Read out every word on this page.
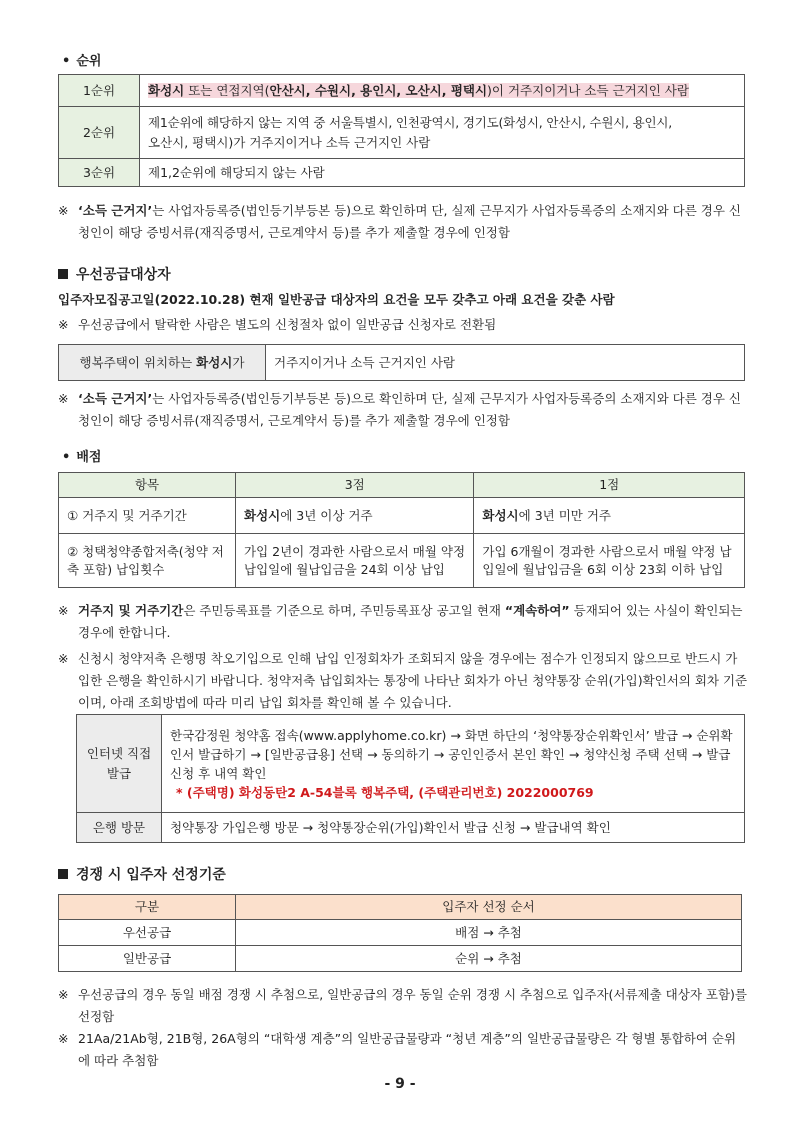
• 순위
1순위	화성시 또는 연접지역(안산시, 수원시, 용인시, 오산시, 평택시)이 거주지이거나 소득 근거지인 사람
2순위	제1순위에 해당하지 않는 지역 중 서울특별시, 인천광역시, 경기도(화성시, 안산시, 수원시, 용인시,
오산시, 평택시)가 거주지이거나 소득 근거지인 사람

3순위	제1,2순위에 해당되지 않는 사람
※ ‘소득 근거지’는 사업자등록증(법인등기부등본 등)으로 확인하며 단, 실제 근무지가 사업자등록증의 소재지와 다른 경우 신청인이 해당 증빙서류(재직증명서, 근로계약서 등)를 추가 제출할 경우에 인정함
우선공급대상자
입주자모집공고일(2022.10.28) 현재 일반공급 대상자의 요건을 모두 갖추고 아래 요건을 갖춘 사람
※ 우선공급에서 탈락한 사람은 별도의 신청절차 없이 일반공급 신청자로 전환됨
행복주택이 위치하는 화성시가	거주지이거나 소득 근거지인 사람
※ ‘소득 근거지’는 사업자등록증(법인등기부등본 등)으로 확인하며 단, 실제 근무지가 사업자등록증의 소재지와 다른 경우 신청인이 해당 증빙서류(재직증명서, 근로계약서 등)를 추가 제출할 경우에 인정함
• 배점
항목	3점	1점
① 거주지 및 거주기간	화성시에 3년 이상 거주	화성시에 3년 미만 거주
② 청택청약종합저축(청약 저축 포함) 납입횟수	가입 2년이 경과한 사람으로서 매월 약정 납입일에 월납입금을 24회 이상 납입	가입 6개월이 경과한 사람으로서 매월 약정 납입일에 월납입금을 6회 이상 23회 이하 납입
※ 거주지 및 거주기간은 주민등록표를 기준으로 하며, 주민등록표상 공고일 현재 “계속하여” 등재되어 있는 사실이 확인되는 경우에 한합니다.
※ 신청시 청약저축 은행명 착오기입으로 인해 납입 인정회차가 조회되지 않을 경우에는 점수가 인정되지 않으므로 반드시 가입한 은행을 확인하시기 바랍니다. 청약저축 납입회차는 통장에 나타난 회차가 아닌 청약통장 순위(가입)확인서의 회차 기준이며, 아래 조회방법에 따라 미리 납입 회차를 확인해 볼 수 있습니다.
인터넷 직접 발급	한국감정원 청약홈 접속(www.applyhome.co.kr) → 화면 하단의 ‘청약통장순위확인서’ 발급 → 순위확인서 발급하기 → [일반공급용] 선택 → 동의하기 → 공인인증서 본인 확인 → 청약신청 주택 선택 → 발급신청 후 내역 확인
* (주택명) 화성동탄2 A-54블록 행복주택, (주택관리번호) 2022000769

은행 방문	청약통장 가입은행 방문 → 청약통장순위(가입)확인서 발급 신청 → 발급내역 확인
경쟁 시 입주자 선정기준
구분	입주자 선정 순서
우선공급	배점 → 추첨
일반공급	순위 → 추첨
※ 우선공급의 경우 동일 배점 경쟁 시 추첨으로, 일반공급의 경우 동일 순위 경쟁 시 추첨으로 입주자(서류제출 대상자 포함)를 선정함
※ 21Aa/21Ab형, 21B형, 26A형의 “대학생 계층”의 일반공급물량과 “청년 계층”의 일반공급물량은 각 형별 통합하여 순위에 따라 추첨함
- 9 -
